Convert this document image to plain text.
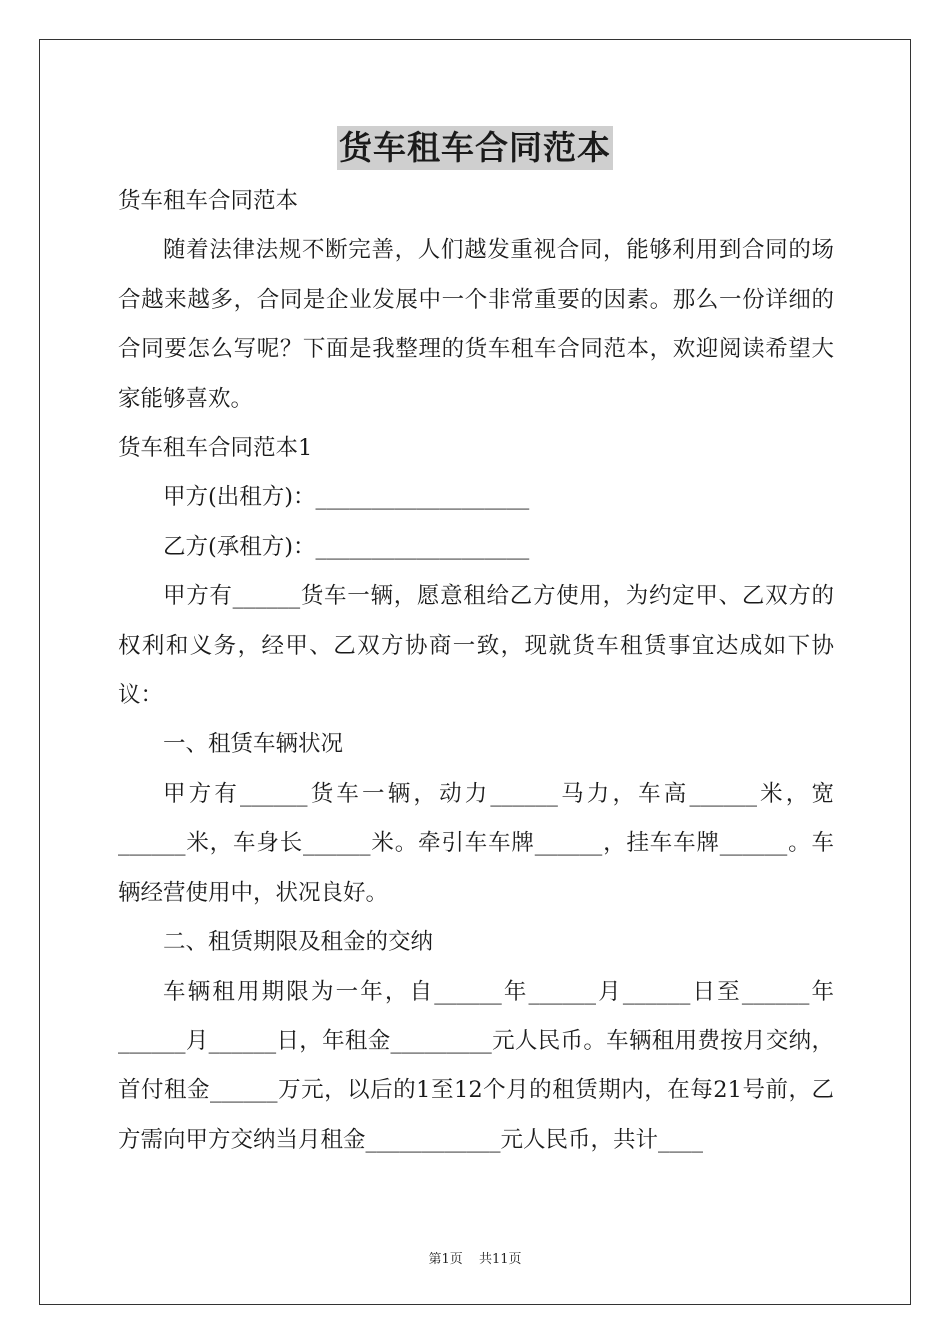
货车租车合同范本

货车租车合同范本

随着法律法规不断完善，人们越发重视合同，能够利用到合同的场合越来越多，合同是企业发展中一个非常重要的因素。那么一份详细的合同要怎么写呢？下面是我整理的货车租车合同范本，欢迎阅读希望大家能够喜欢。

货车租车合同范本1

甲方(出租方)：___________________

乙方(承租方)：___________________

甲方有______货车一辆，愿意租给乙方使用，为约定甲、乙双方的权利和义务，经甲、乙双方协商一致，现就货车租赁事宜达成如下协议：

一、租赁车辆状况

甲方有______货车一辆，动力______马力，车高______米，宽______米，车身长______米。牵引车车牌______，挂车车牌______。车辆经营使用中，状况良好。

二、租赁期限及租金的交纳

车辆租用期限为一年，自______年______月______日至______年______月______日，年租金_________元人民币。车辆租用费按月交纳，首付租金______万元，以后的1至12个月的租赁期内，在每21号前，乙方需向甲方交纳当月租金____________元人民币，共计____

第1页 共11页
